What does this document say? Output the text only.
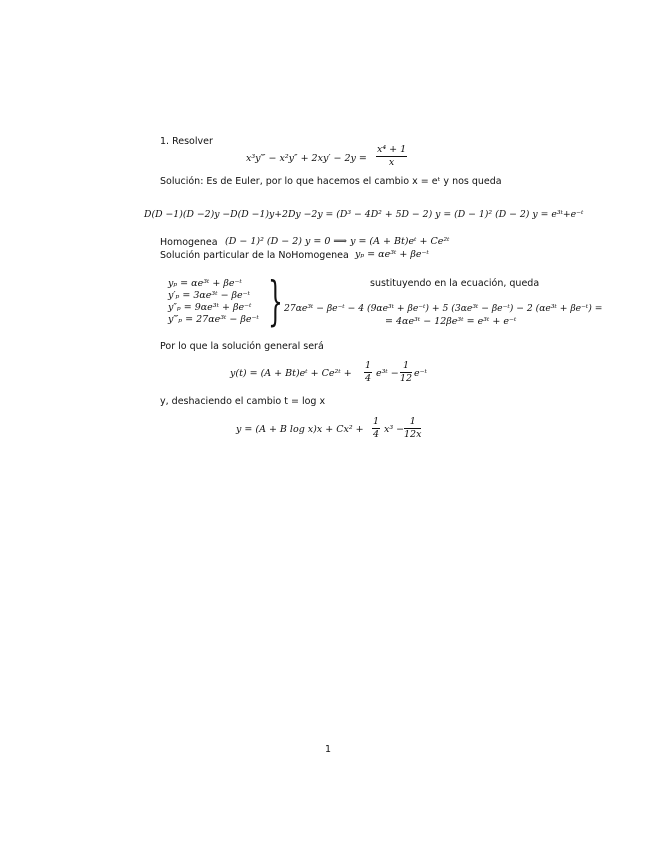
1. Resolver
x³y‴ − $x^2y'' + 2xy' - 2y = \frac{\text{x⁴ + 1}}{x}$
Solución: Es de Euler, por lo que hacemos el cambio x = eᵗ y nos queda
D(D −1)(D −2)y −D(D −1)y+2Dy −2y = (D³ − 4D² + 5D − 2) y = (D − 1)² (D − 2) y = e³ᵗ+e⁻ᵗ
Homogenea (D − 1)² (D − 2) y = 0 ⟹ y = (A + Bt)eᵗ + Ce²ᵗ
Solución particular de la NoHomogenea yₚ = αe³ᵗ + βe⁻ᵗ
yₚ = αe³ᵗ + βe⁻ᵗ
y′ₚ = 3αe³ᵗ − βe⁻ᵗ
y″ₚ = 9αe³ᵗ + βe⁻ᵗ
y‴ₚ = 27αe³ᵗ − βe⁻ᵗ }	sustituyendo en la ecuación, queda
27αe³ᵗ − βe⁻ᵗ − 4 (9αe³ᵗ + βe⁻ᵗ) + 5 (3αe³ᵗ − βe⁻ᵗ) − 2 (αe³ᵗ + βe⁻ᵗ) =
= 4αe³ᵗ − 12βe³ᵗ = e³ᵗ + e⁻ᵗ
Por lo que la solución general será
y(t) = (A + Bt)eᵗ + Ce²ᵗ + $\frac{1}{4}$ e³ᵗ − $\frac{1}{12}$ e⁻ᵗ
y, deshaciendo el cambio t = log x
y = (A + B $\log x)x + Cx^2 + \frac{1}{4} x^3 - \frac{1}{12x}$
1
